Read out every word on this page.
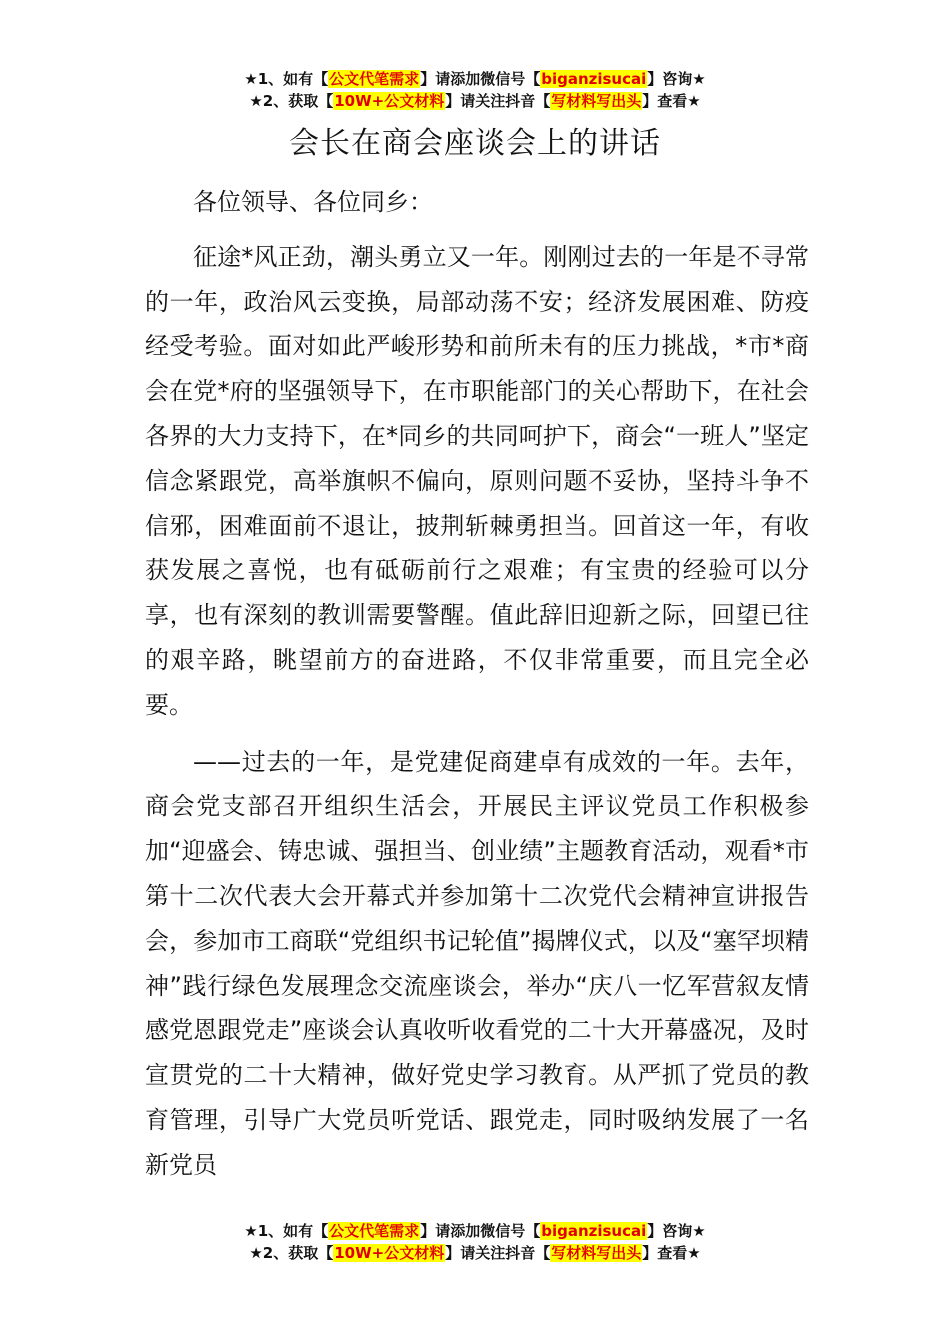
★1、如有【公文代笔需求】请添加微信号【biganzisucai】咨询★
★2、获取【10W+公文材料】请关注抖音【写材料写出头】查看★
会长在商会座谈会上的讲话

各位领导、各位同乡：

征途*风正劲，潮头勇立又一年。刚刚过去的一年是不寻常的一年，政治风云变换，局部动荡不安；经济发展困难、防疫经受考验。面对如此严峻形势和前所未有的压力挑战，*市*商会在党*府的坚强领导下，在市职能部门的关心帮助下，在社会各界的大力支持下，在*同乡的共同呵护下，商会“一班人”坚定信念紧跟党，高举旗帜不偏向，原则问题不妥协，坚持斗争不信邪，困难面前不退让，披荆斩棘勇担当。回首这一年，有收获发展之喜悦，也有砥砺前行之艰难；有宝贵的经验可以分享，也有深刻的教训需要警醒。值此辞旧迎新之际，回望已往的艰辛路，眺望前方的奋进路，不仅非常重要，而且完全必要。

——过去的一年，是党建促商建卓有成效的一年。去年，商会党支部召开组织生活会，开展民主评议党员工作积极参加“迎盛会、铸忠诚、强担当、创业绩”主题教育活动，观看*市第十二次代表大会开幕式并参加第十二次党代会精神宣讲报告会，参加市工商联“党组织书记轮值”揭牌仪式，以及“塞罕坝精神”践行绿色发展理念交流座谈会，举办“庆八一忆军营叙友情感党恩跟党走”座谈会认真收听收看党的二十大开幕盛况，及时宣贯党的二十大精神，做好党史学习教育。从严抓了党员的教育管理，引导广大党员听党话、跟党走，同时吸纳发展了一名新党员

★1、如有【公文代笔需求】请添加微信号【biganzisucai】咨询★
★2、获取【10W+公文材料】请关注抖音【写材料写出头】查看★
